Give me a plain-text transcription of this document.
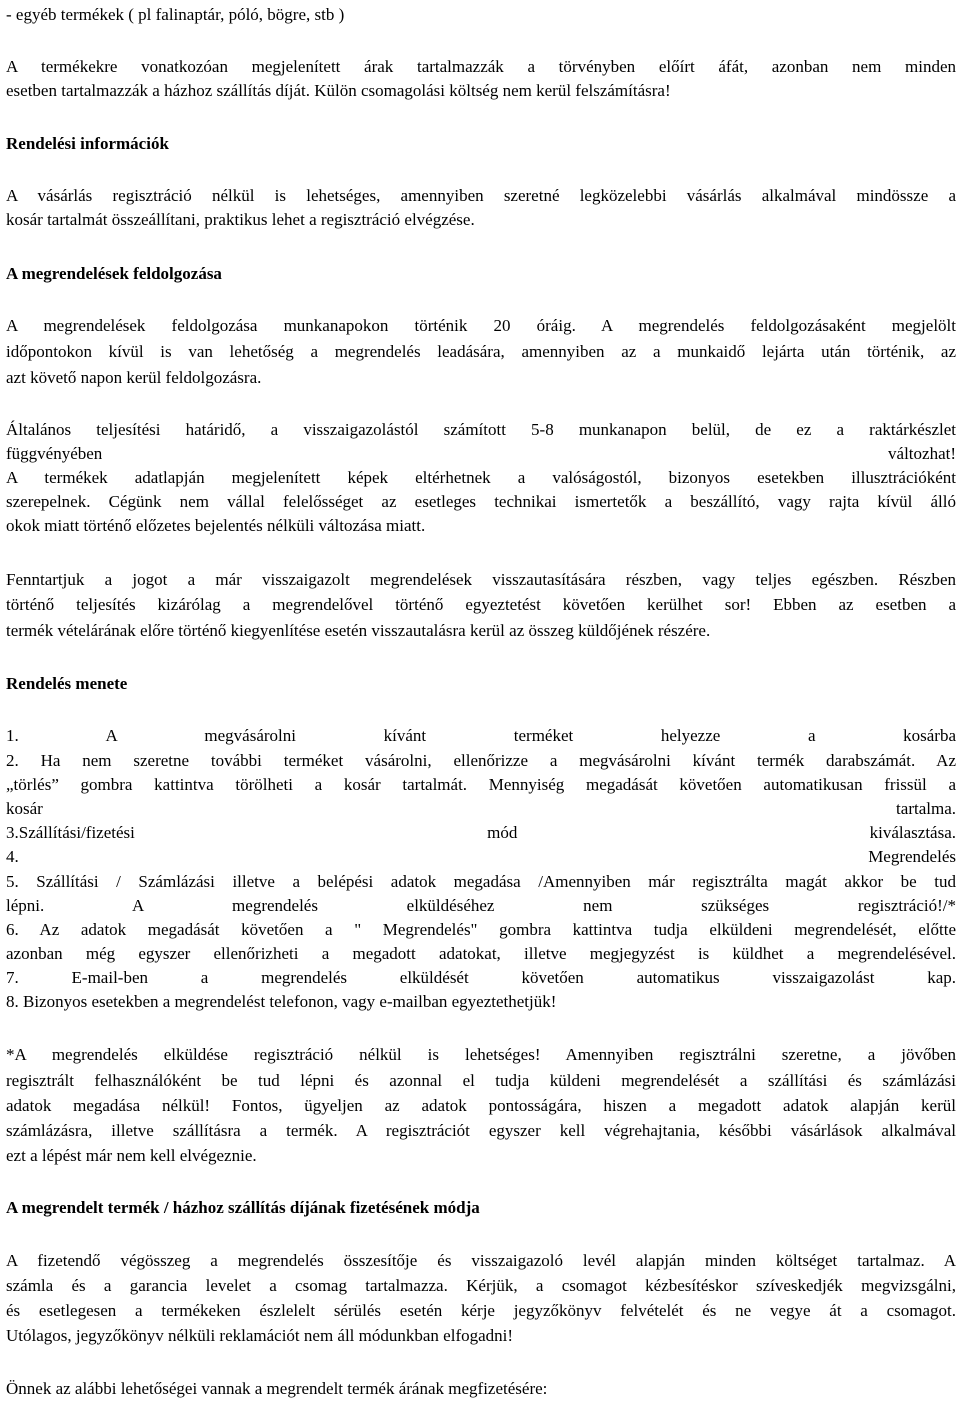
- egyéb termékek ( pl falinaptár, póló, bögre, stb )
A termékekre vonatkozóan megjelenített árak tartalmazzák a törvényben előírt áfát, azonban nem minden
esetben tartalmazzák a házhoz szállítás díját. Külön csomagolási költség nem kerül felszámításra!
Rendelési információk
A vásárlás regisztráció nélkül is lehetséges, amennyiben szeretné legközelebbi vásárlás alkalmával mindössze a
kosár tartalmát összeállítani, praktikus lehet a regisztráció elvégzése.
A megrendelések feldolgozása
A megrendelések feldolgozása munkanapokon történik 20 óráig. A megrendelés feldolgozásaként megjelölt
időpontokon kívül is van lehetőség a megrendelés leadására, amennyiben az a munkaidő lejárta után történik, az
azt követő napon kerül feldolgozásra.
Általános teljesítési határidő, a visszaigazolástól számított 5-8 munkanapon belül, de ez a raktárkészlet
függvényében változhat!
A termékek adatlapján megjelenített képek eltérhetnek a valóságostól, bizonyos esetekben illusztrációként
szerepelnek. Cégünk nem vállal felelősséget az esetleges technikai ismertetők a beszállító, vagy rajta kívül álló
okok miatt történő előzetes bejelentés nélküli változása miatt.
Fenntartjuk a jogot a már visszaigazolt megrendelések visszautasítására részben, vagy teljes egészben. Részben
történő teljesítés kizárólag a megrendelővel történő egyeztetést követően kerülhet sor! Ebben az esetben a
termék vételárának előre történő kiegyenlítése esetén visszautalásra kerül az összeg küldőjének részére.
Rendelés menete
1. A megvásárolni kívánt terméket helyezze a kosárba
2. Ha nem szeretne további terméket vásárolni, ellenőrizze a megvásárolni kívánt termék darabszámát. Az
„törlés” gombra kattintva törölheti a kosár tartalmát. Mennyiség megadását követően automatikusan frissül a
kosár tartalma.
3.Szállítási/fizetési mód kiválasztása.
4. Megrendelés
5. Szállítási / Számlázási illetve a belépési adatok megadása /Amennyiben már regisztrálta magát akkor be tud
lépni. A megrendelés elküldéséhez nem szükséges regisztráció!/*
6. Az adatok megadását követően a " Megrendelés" gombra kattintva tudja elküldeni megrendelését, előtte
azonban még egyszer ellenőrizheti a megadott adatokat, illetve megjegyzést is küldhet a megrendelésével.
7. E-mail-ben a megrendelés elküldését követően automatikus visszaigazolást kap.
8. Bizonyos esetekben a megrendelést telefonon, vagy e-mailban egyeztethetjük!
*A megrendelés elküldése regisztráció nélkül is lehetséges! Amennyiben regisztrálni szeretne, a jövőben
regisztrált felhasználóként be tud lépni és azonnal el tudja küldeni megrendelését a szállítási és számlázási
adatok megadása nélkül! Fontos, ügyeljen az adatok pontosságára, hiszen a megadott adatok alapján kerül
számlázásra, illetve szállításra a termék. A regisztrációt egyszer kell végrehajtania, későbbi vásárlások alkalmával
ezt a lépést már nem kell elvégeznie.
A megrendelt termék / házhoz szállítás díjának fizetésének módja
A fizetendő végösszeg a megrendelés összesítője és visszaigazoló levél alapján minden költséget tartalmaz. A
számla és a garancia levelet a csomag tartalmazza. Kérjük, a csomagot kézbesítéskor szíveskedjék megvizsgálni,
és esetlegesen a termékeken észlelelt sérülés esetén kérje jegyzőkönyv felvételét és ne vegye át a csomagot.
Utólagos, jegyzőkönyv nélküli reklamációt nem áll módunkban elfogadni!
Önnek az alábbi lehetőségei vannak a megrendelt termék árának megfizetésére:
